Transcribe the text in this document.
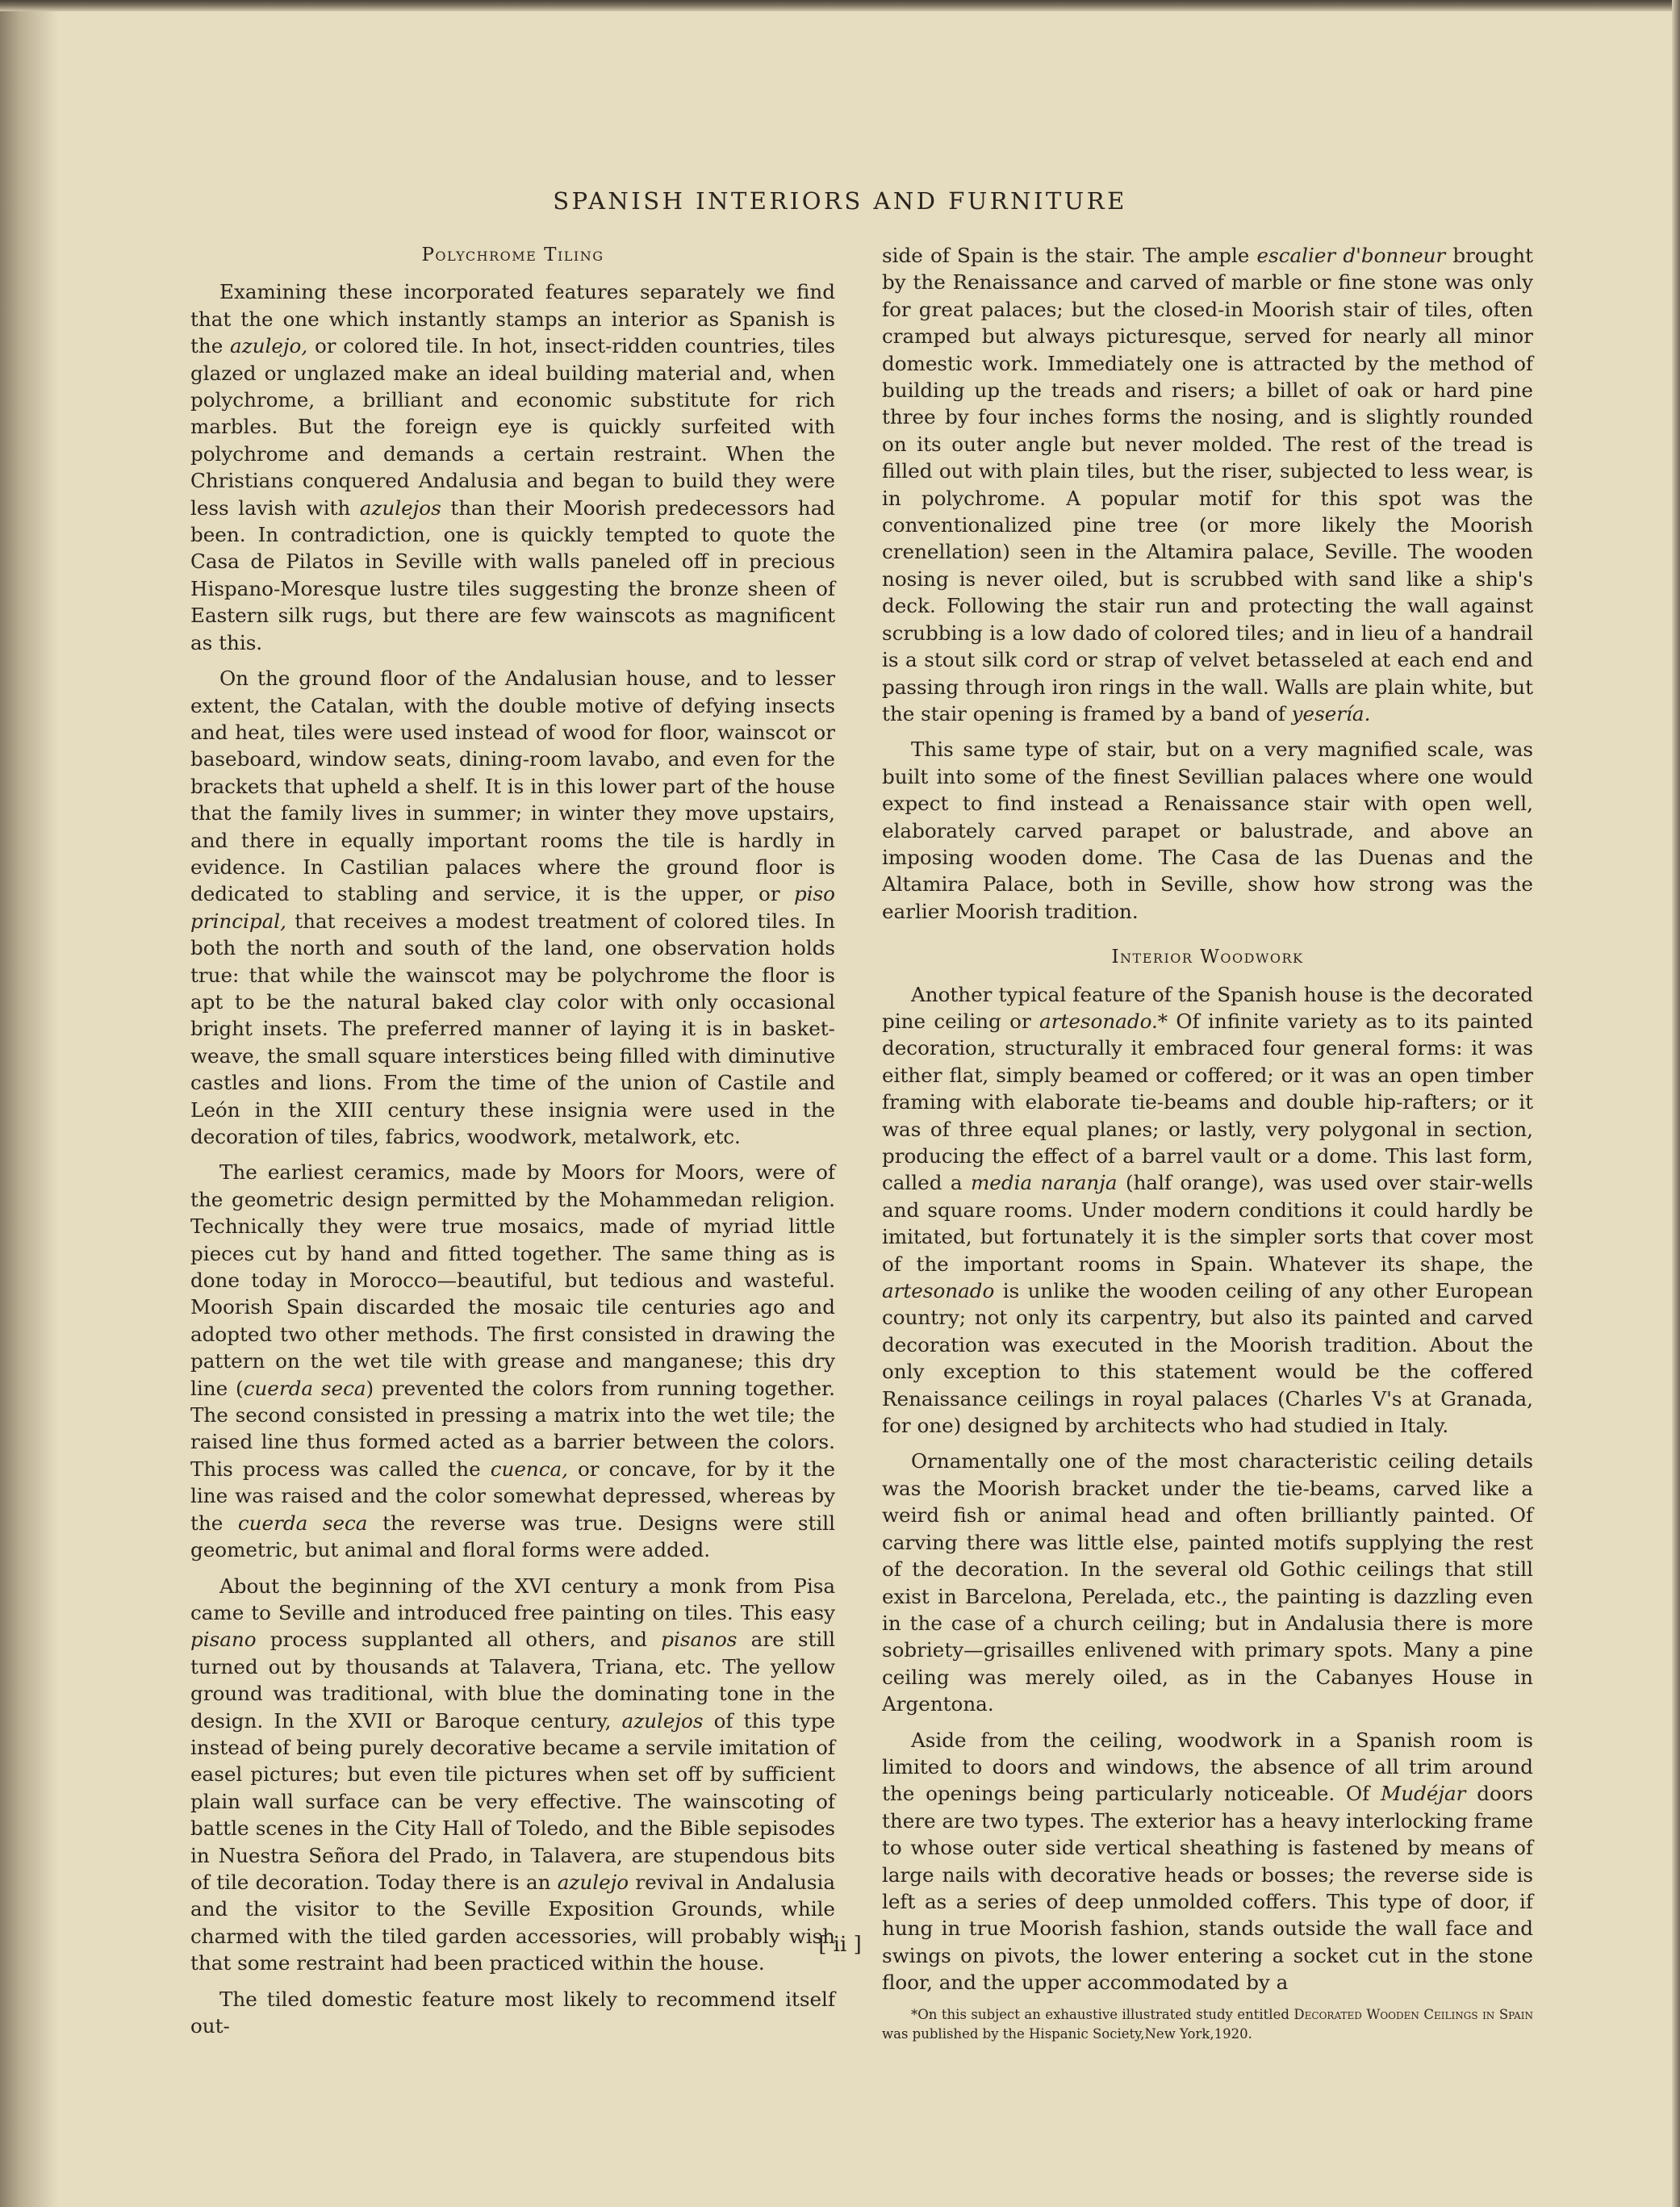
SPANISH INTERIORS AND FURNITURE
Polychrome Tiling

Examining these incorporated features separately we find that the one which instantly stamps an interior as Spanish is the azulejo, or colored tile. In hot, insect-ridden countries, tiles glazed or unglazed make an ideal building material and, when polychrome, a brilliant and economic substitute for rich marbles. But the foreign eye is quickly surfeited with polychrome and demands a certain restraint. When the Christians conquered Andalusia and began to build they were less lavish with azulejos than their Moorish predecessors had been. In contradiction, one is quickly tempted to quote the Casa de Pilatos in Seville with walls paneled off in precious Hispano-Moresque lustre tiles suggesting the bronze sheen of Eastern silk rugs, but there are few wainscots as magnificent as this.

On the ground floor of the Andalusian house, and to lesser extent, the Catalan, with the double motive of defying insects and heat, tiles were used instead of wood for floor, wainscot or baseboard, window seats, dining-room lavabo, and even for the brackets that upheld a shelf. It is in this lower part of the house that the family lives in summer; in winter they move upstairs, and there in equally important rooms the tile is hardly in evidence. In Castilian palaces where the ground floor is dedicated to stabling and service, it is the upper, or piso principal, that receives a modest treatment of colored tiles. In both the north and south of the land, one observation holds true: that while the wainscot may be polychrome the floor is apt to be the natural baked clay color with only occasional bright insets. The preferred manner of laying it is in basket-weave, the small square interstices being filled with diminutive castles and lions. From the time of the union of Castile and León in the XIII century these insignia were used in the decoration of tiles, fabrics, woodwork, metalwork, etc.

The earliest ceramics, made by Moors for Moors, were of the geometric design permitted by the Mohammedan religion. Technically they were true mosaics, made of myriad little pieces cut by hand and fitted together. The same thing as is done today in Morocco—beautiful, but tedious and wasteful. Moorish Spain discarded the mosaic tile centuries ago and adopted two other methods. The first consisted in drawing the pattern on the wet tile with grease and manganese; this dry line (cuerda seca) prevented the colors from running together. The second consisted in pressing a matrix into the wet tile; the raised line thus formed acted as a barrier between the colors. This process was called the cuenca, or concave, for by it the line was raised and the color somewhat depressed, whereas by the cuerda seca the reverse was true. Designs were still geometric, but animal and floral forms were added.

About the beginning of the XVI century a monk from Pisa came to Seville and introduced free painting on tiles. This easy pisano process supplanted all others, and pisanos are still turned out by thousands at Talavera, Triana, etc. The yellow ground was traditional, with blue the dominating tone in the design. In the XVII or Baroque century, azulejos of this type instead of being purely decorative became a servile imitation of easel pictures; but even tile pictures when set off by sufficient plain wall surface can be very effective. The wainscoting of battle scenes in the City Hall of Toledo, and the Bible sepisodes in Nuestra Señora del Prado, in Talavera, are stupendous bits of tile decoration. Today there is an azulejo revival in Andalusia and the visitor to the Seville Exposition Grounds, while charmed with the tiled garden accessories, will probably wish that some restraint had been practiced within the house.

The tiled domestic feature most likely to recommend itself out-

side of Spain is the stair. The ample escalier d'bonneur brought by the Renaissance and carved of marble or fine stone was only for great palaces; but the closed-in Moorish stair of tiles, often cramped but always picturesque, served for nearly all minor domestic work. Immediately one is attracted by the method of building up the treads and risers; a billet of oak or hard pine three by four inches forms the nosing, and is slightly rounded on its outer angle but never molded. The rest of the tread is filled out with plain tiles, but the riser, subjected to less wear, is in polychrome. A popular motif for this spot was the conventionalized pine tree (or more likely the Moorish crenellation) seen in the Altamira palace, Seville. The wooden nosing is never oiled, but is scrubbed with sand like a ship's deck. Following the stair run and protecting the wall against scrubbing is a low dado of colored tiles; and in lieu of a handrail is a stout silk cord or strap of velvet betasseled at each end and passing through iron rings in the wall. Walls are plain white, but the stair opening is framed by a band of yesería.

This same type of stair, but on a very magnified scale, was built into some of the finest Sevillian palaces where one would expect to find instead a Renaissance stair with open well, elaborately carved parapet or balustrade, and above an imposing wooden dome. The Casa de las Duenas and the Altamira Palace, both in Seville, show how strong was the earlier Moorish tradition.

Interior Woodwork

Another typical feature of the Spanish house is the decorated pine ceiling or artesonado.* Of infinite variety as to its painted decoration, structurally it embraced four general forms: it was either flat, simply beamed or coffered; or it was an open timber framing with elaborate tie-beams and double hip-rafters; or it was of three equal planes; or lastly, very polygonal in section, producing the effect of a barrel vault or a dome. This last form, called a media naranja (half orange), was used over stair-wells and square rooms. Under modern conditions it could hardly be imitated, but fortunately it is the simpler sorts that cover most of the important rooms in Spain. Whatever its shape, the artesonado is unlike the wooden ceiling of any other European country; not only its carpentry, but also its painted and carved decoration was executed in the Moorish tradition. About the only exception to this statement would be the coffered Renaissance ceilings in royal palaces (Charles V's at Granada, for one) designed by architects who had studied in Italy.

Ornamentally one of the most characteristic ceiling details was the Moorish bracket under the tie-beams, carved like a weird fish or animal head and often brilliantly painted. Of carving there was little else, painted motifs supplying the rest of the decoration. In the several old Gothic ceilings that still exist in Barcelona, Perelada, etc., the painting is dazzling even in the case of a church ceiling; but in Andalusia there is more sobriety—grisailles enlivened with primary spots. Many a pine ceiling was merely oiled, as in the Cabanyes House in Argentona.

Aside from the ceiling, woodwork in a Spanish room is limited to doors and windows, the absence of all trim around the openings being particularly noticeable. Of Mudéjar doors there are two types. The exterior has a heavy interlocking frame to whose outer side vertical sheathing is fastened by means of large nails with decorative heads or bosses; the reverse side is left as a series of deep unmolded coffers. This type of door, if hung in true Moorish fashion, stands outside the wall face and swings on pivots, the lower entering a socket cut in the stone floor, and the upper accommodated by a

*On this subject an exhaustive illustrated study entitled Decorated Wooden Ceilings in Spain was published by the Hispanic Society,New York,1920.

[ ii ]
